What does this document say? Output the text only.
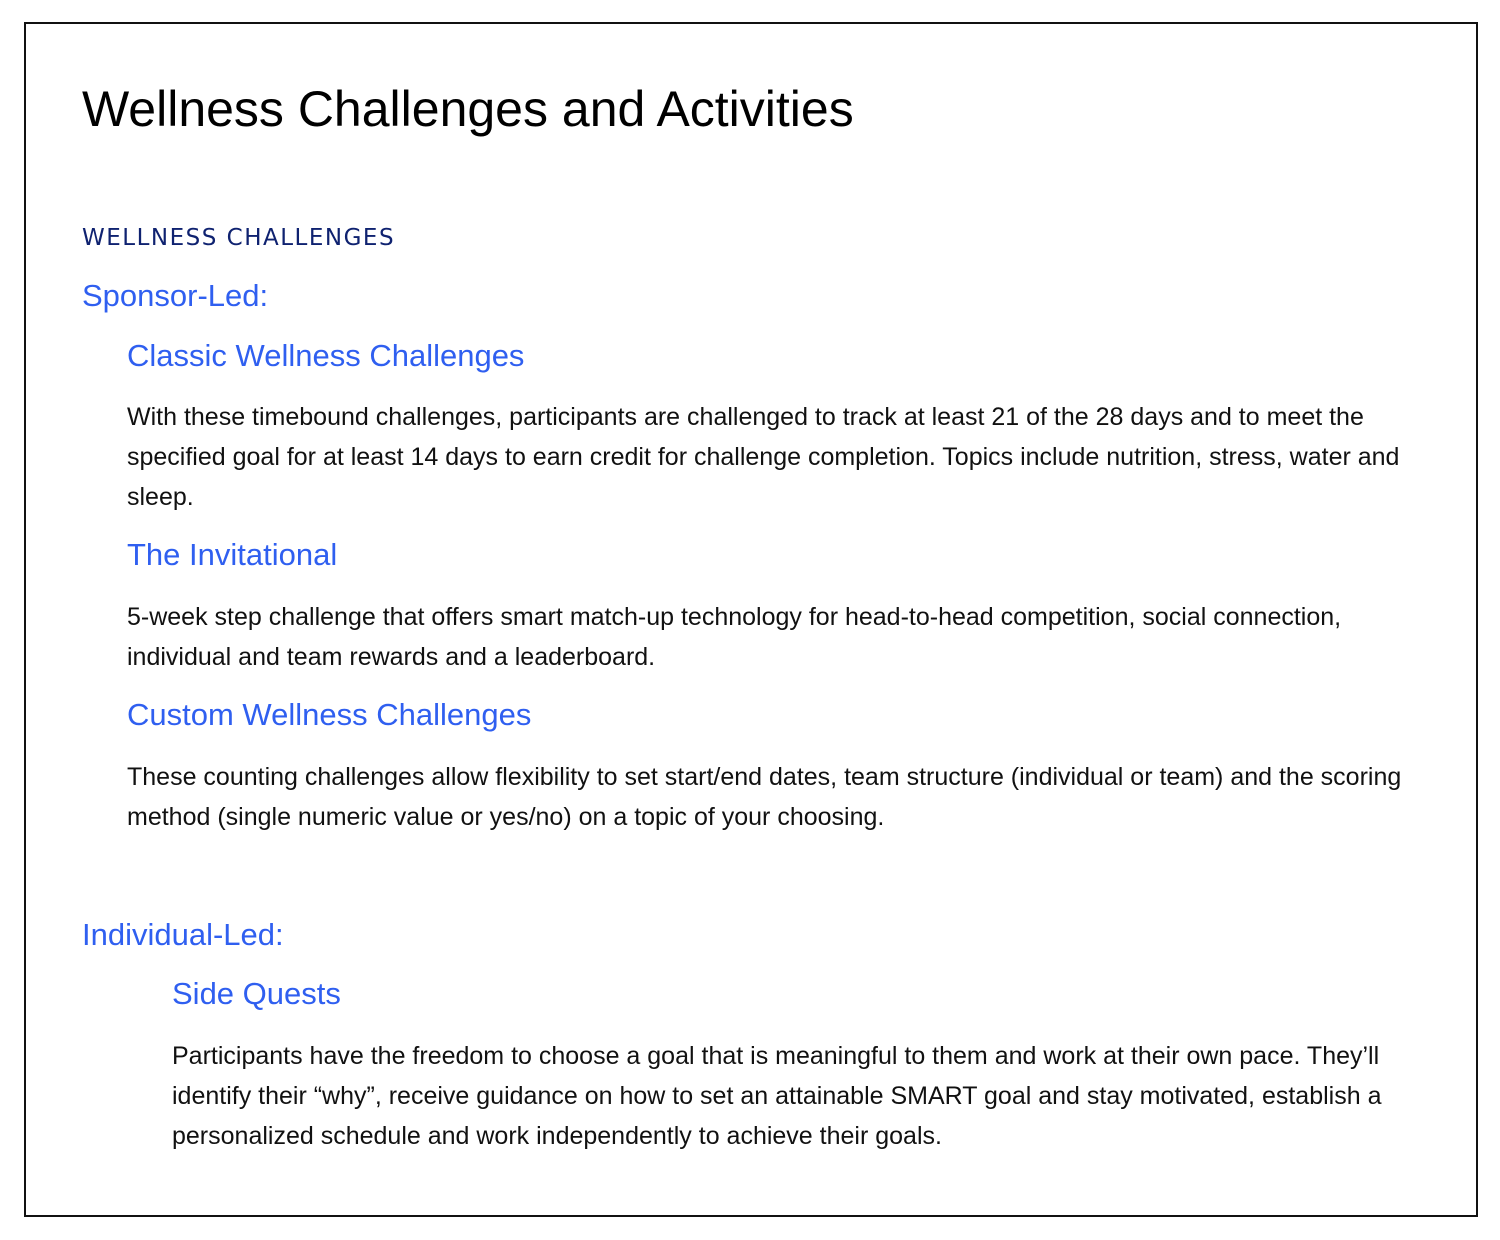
Wellness Challenges and Activities

WELLNESS CHALLENGES

Sponsor-Led:
Classic Wellness Challenges

With these timebound challenges, participants are challenged to track at least 21 of the 28 days and to meet the specified goal for at least 14 days to earn credit for challenge completion. Topics include nutrition, stress, water and sleep.

The Invitational

5-week step challenge that offers smart match-up technology for head-to-head competition, social connection, individual and team rewards and a leaderboard.

Custom Wellness Challenges

These counting challenges allow flexibility to set start/end dates, team structure (individual or team) and the scoring method (single numeric value or yes/no) on a topic of your choosing.

Individual-Led:
Side Quests

Participants have the freedom to choose a goal that is meaningful to them and work at their own pace. They’ll identify their “why”, receive guidance on how to set an attainable SMART goal and stay motivated, establish a personalized schedule and work independently to achieve their goals.
